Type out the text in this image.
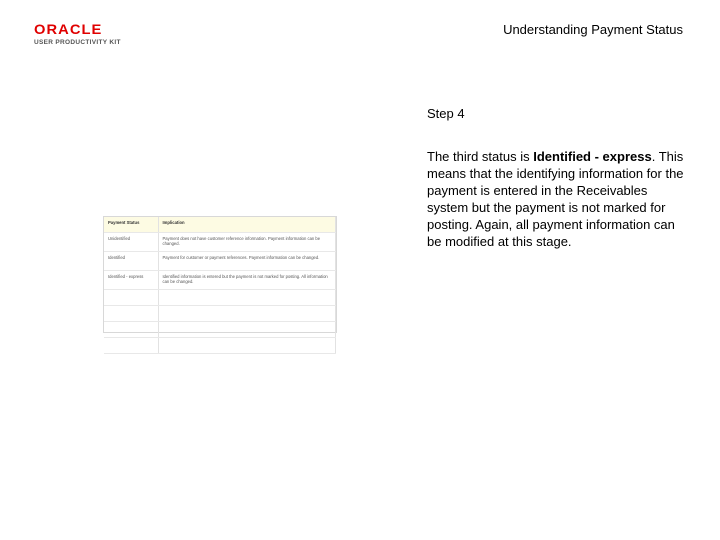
ORACLE
USER PRODUCTIVITY KIT
Understanding Payment Status
Step 4
The third status is Identified - express. This means that the identifying information for the payment is entered in the Receivables system but the payment is not marked for posting. Again, all payment information can be modified at this stage.
Payment Status	Implication
Unidentified	Payment does not have customer reference information. Payment information can be changed.
Identified	Payment for customer or payment references. Payment information can be changed.
Identified - express	Identified information is entered but the payment is not marked for posting. All information can be changed.
